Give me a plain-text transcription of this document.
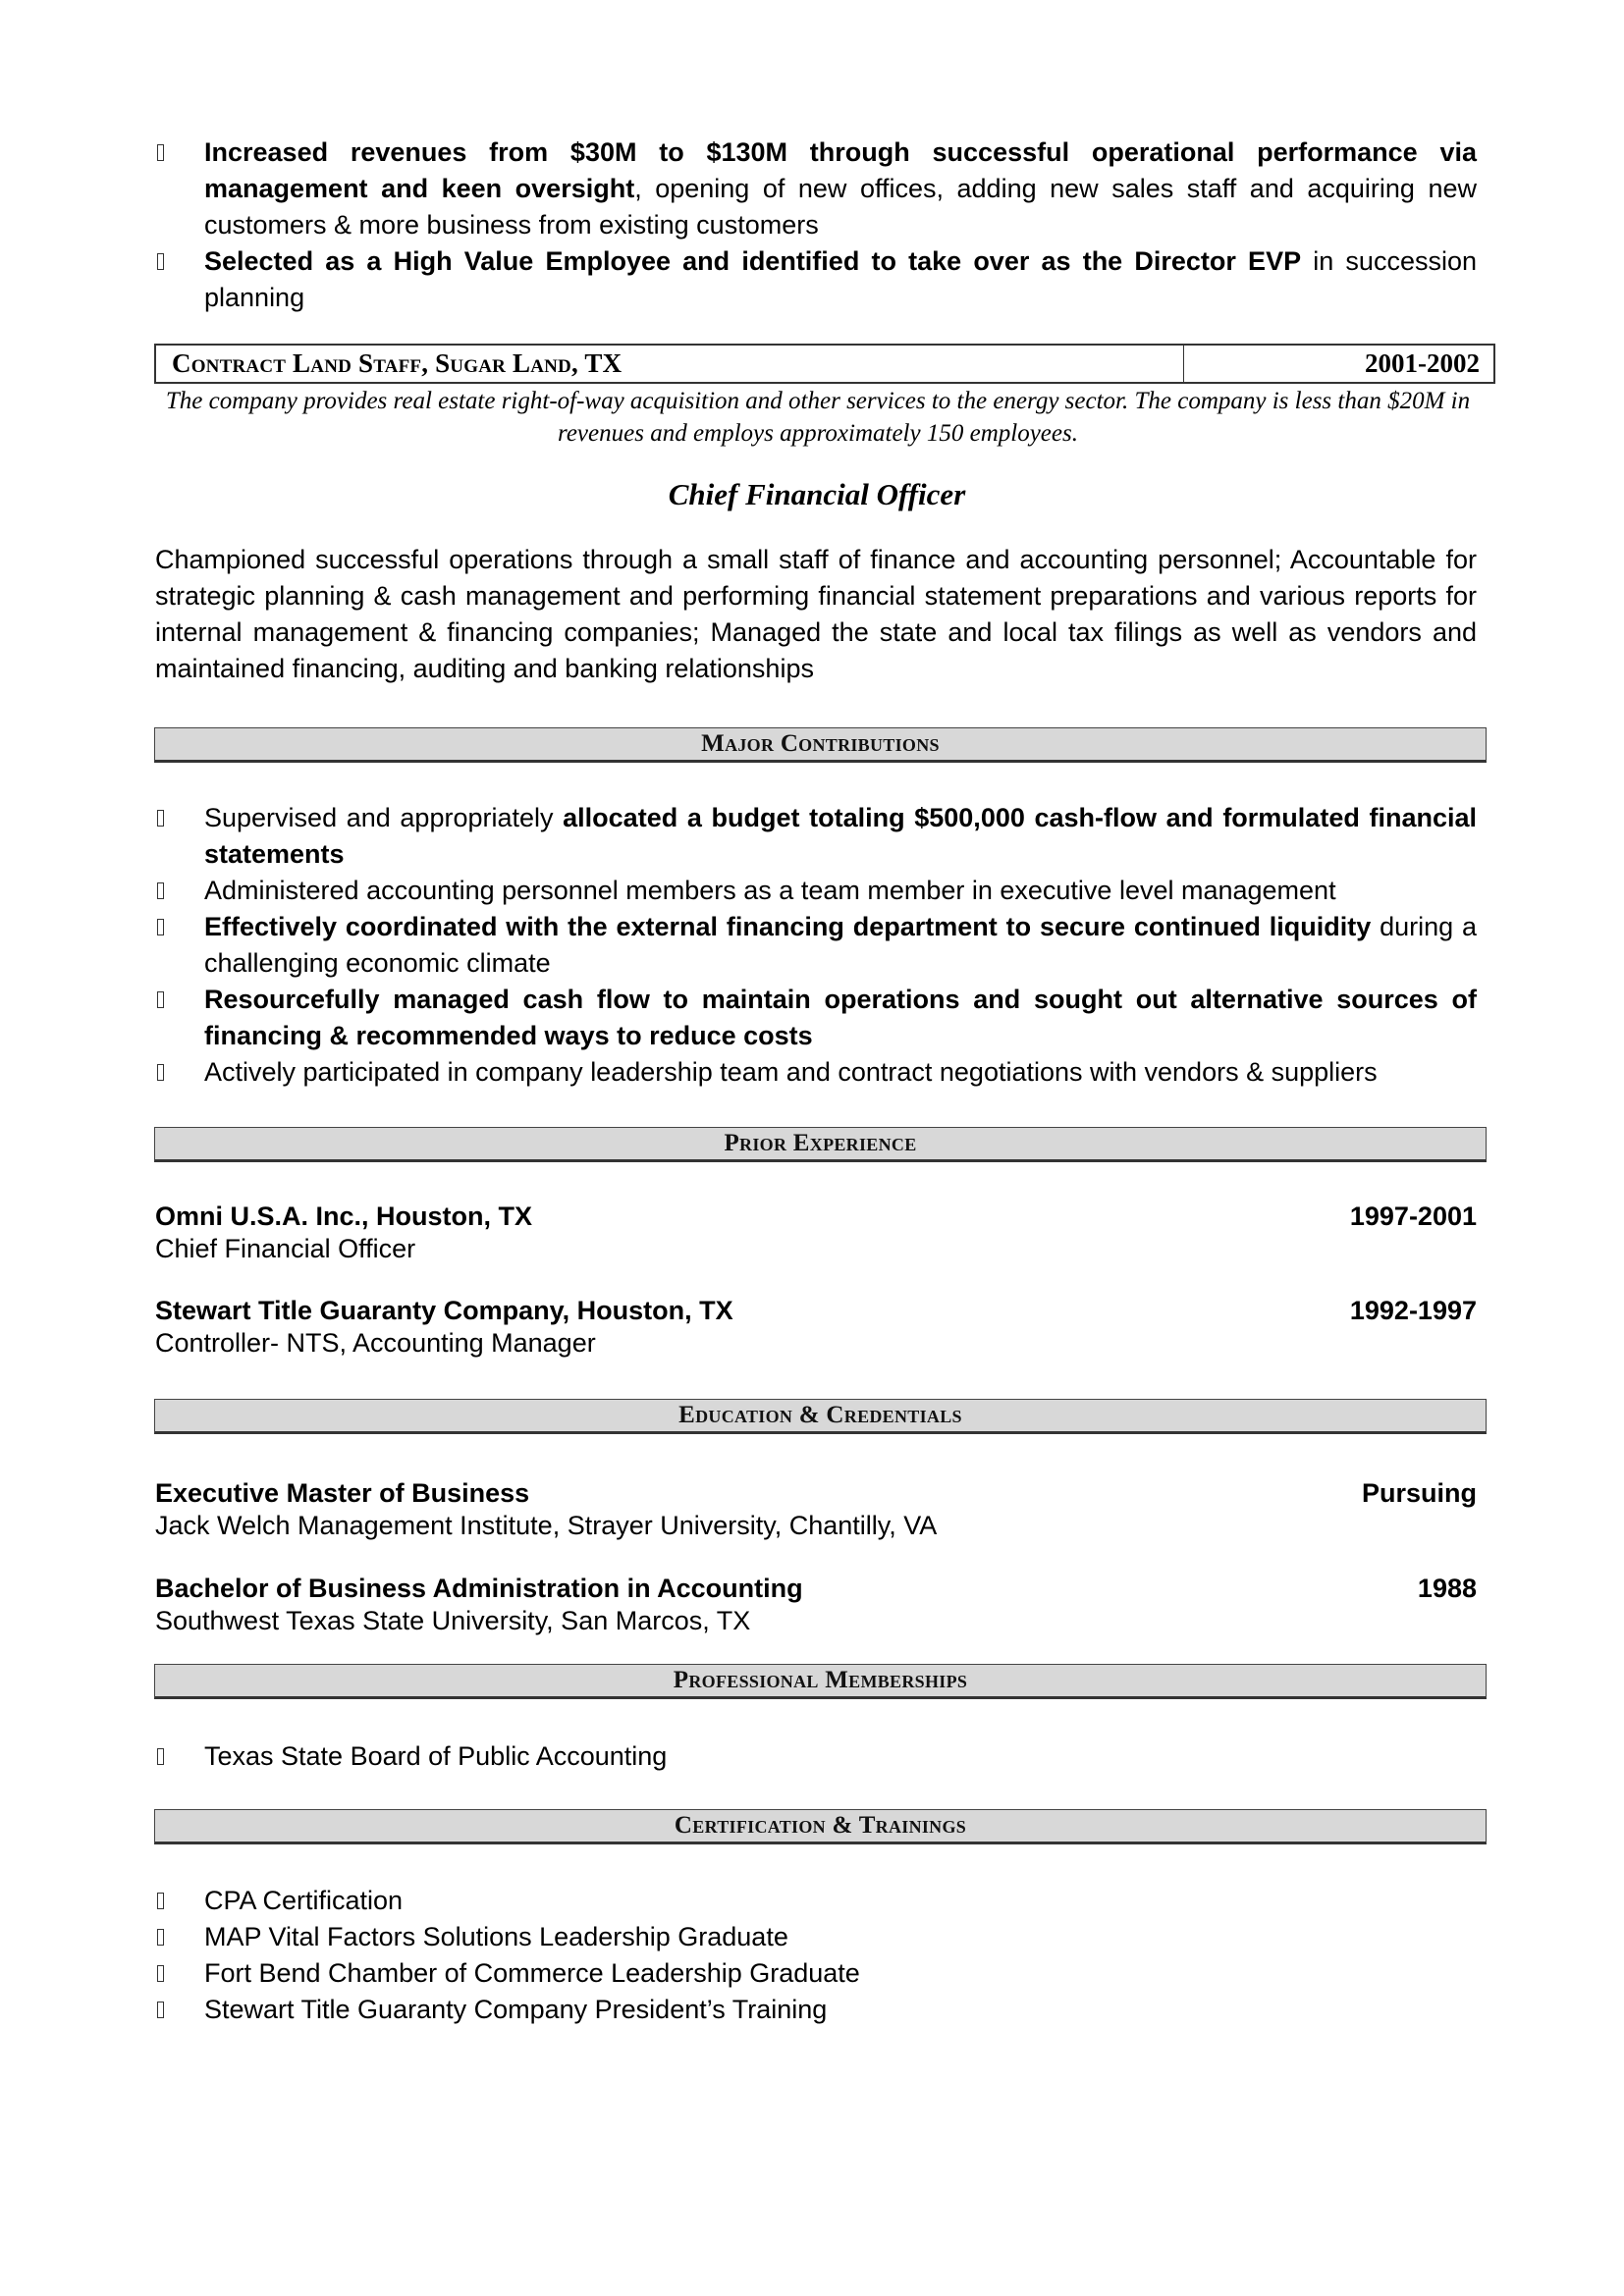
Increased revenues from $30M to $130M through successful operational performance via management and keen oversight, opening of new offices, adding new sales staff and acquiring new customers & more business from existing customers
Selected as a High Value Employee and identified to take over as the Director EVP in succession planning
Contract Land Staff, Sugar Land, TX	2001-2002
The company provides real estate right-of-way acquisition and other services to the energy sector. The company is less than $20M in revenues and employs approximately 150 employees.
Chief Financial Officer
Championed successful operations through a small staff of finance and accounting personnel; Accountable for strategic planning & cash management and performing financial statement preparations and various reports for internal management & financing companies; Managed the state and local tax filings as well as vendors and maintained financing, auditing and banking relationships
Major Contributions
Supervised and appropriately allocated a budget totaling $500,000 cash-flow and formulated financial statements
Administered accounting personnel members as a team member in executive level management
Effectively coordinated with the external financing department to secure continued liquidity during a challenging economic climate
Resourcefully managed cash flow to maintain operations and sought out alternative sources of financing & recommended ways to reduce costs
Actively participated in company leadership team and contract negotiations with vendors & suppliers
Prior Experience
Omni U.S.A. Inc., Houston, TX	1997-2001
Chief Financial Officer
Stewart Title Guaranty Company, Houston, TX	1992-1997
Controller- NTS, Accounting Manager
Education & Credentials
Executive Master of Business	Pursuing
Jack Welch Management Institute, Strayer University, Chantilly, VA
Bachelor of Business Administration in Accounting	1988
Southwest Texas State University, San Marcos, TX
Professional Memberships
Texas State Board of Public Accounting
Certification & Trainings
CPA Certification
MAP Vital Factors Solutions Leadership Graduate
Fort Bend Chamber of Commerce Leadership Graduate
Stewart Title Guaranty Company President’s Training
